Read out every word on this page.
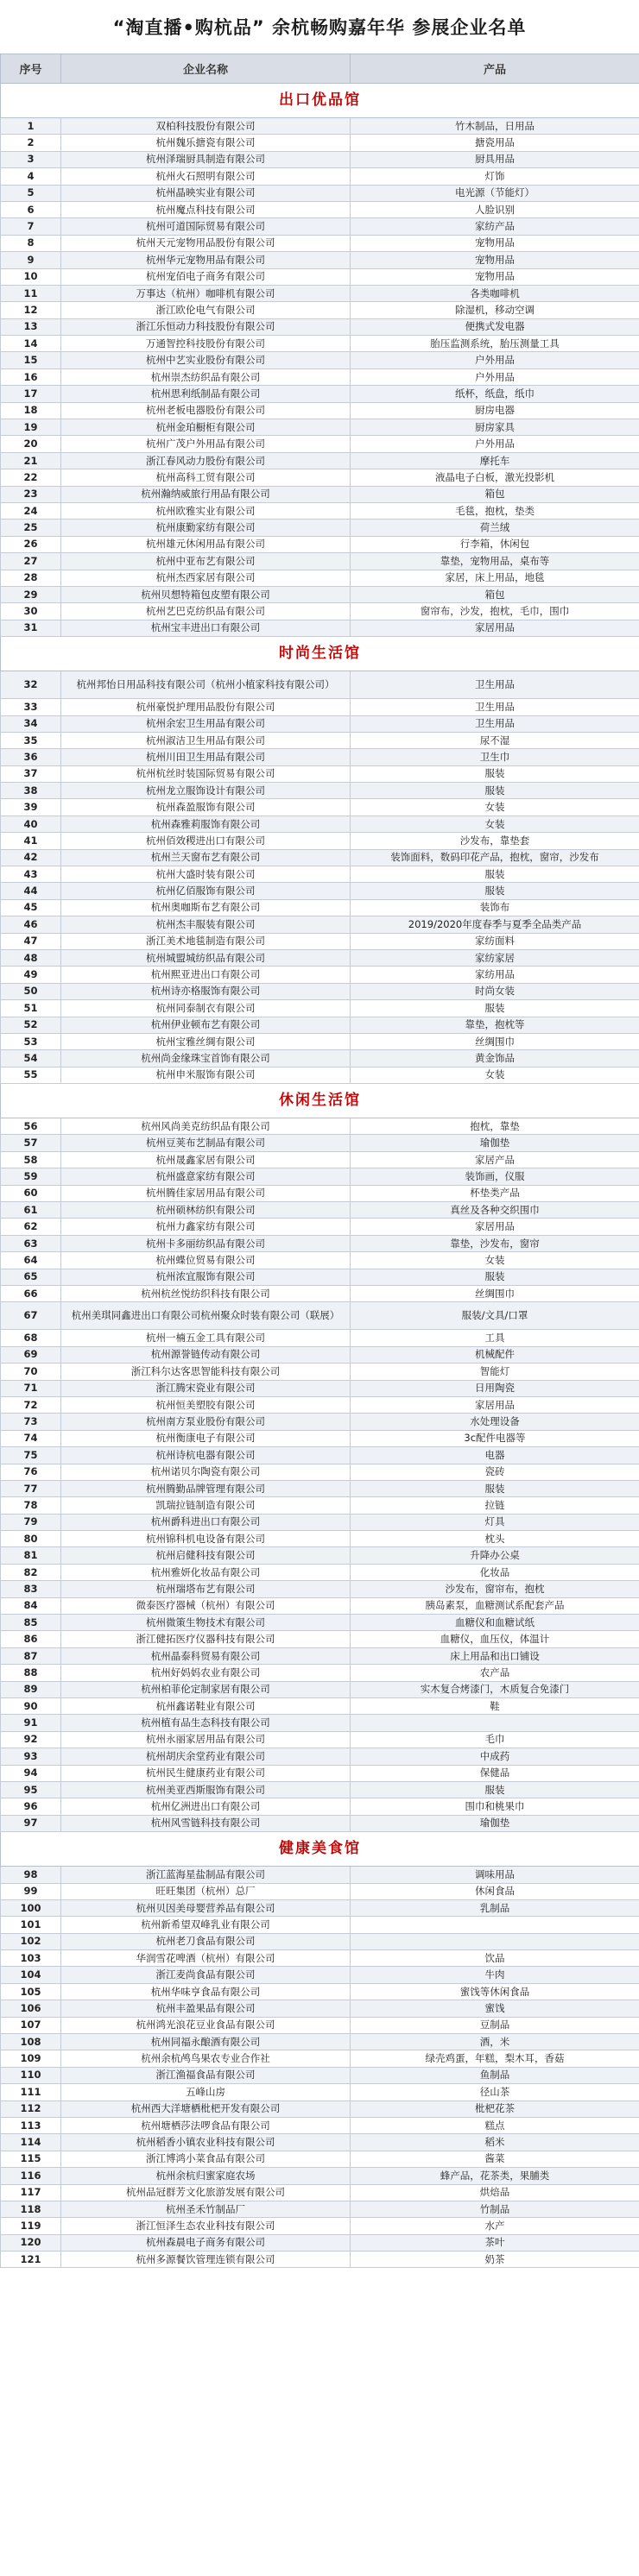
“淘直播•购杭品” 余杭畅购嘉年华 参展企业名单
序号	企业名称	产品
出口优品馆		
1	双柏科技股份有限公司	竹木制品，日用品
2	杭州魏乐搪瓷有限公司	搪瓷用品
3	杭州泽瑞厨具制造有限公司	厨具用品
4	杭州火石照明有限公司	灯饰
5	杭州晶映实业有限公司	电光源（节能灯）
6	杭州魔点科技有限公司	人脸识别
7	杭州可道国际贸易有限公司	家纺产品
8	杭州天元宠物用品股份有限公司	宠物用品
9	杭州华元宠物用品有限公司	宠物用品
10	杭州宠佰电子商务有限公司	宠物用品
11	万事达（杭州）咖啡机有限公司	各类咖啡机
12	浙江欧伦电气有限公司	除湿机，移动空调
13	浙江乐恒动力科技股份有限公司	便携式发电器
14	万通智控科技股份有限公司	胎压监测系统，胎压测量工具
15	杭州中艺实业股份有限公司	户外用品
16	杭州崇杰纺织品有限公司	户外用品
17	杭州思利纸制品有限公司	纸杯，纸盘，纸巾
18	杭州老板电器股份有限公司	厨房电器
19	杭州金珀橱柜有限公司	厨房家具
20	杭州广茂户外用品有限公司	户外用品
21	浙江春风动力股份有限公司	摩托车
22	杭州高科工贸有限公司	液晶电子白板，激光投影机
23	杭州瀚纳威旅行用品有限公司	箱包
24	杭州欧雅实业有限公司	毛毯，抱枕，垫类
25	杭州康勤家纺有限公司	荷兰绒
26	杭州雄元休闲用品有限公司	行李箱，休闲包
27	杭州中亚布艺有限公司	靠垫，宠物用品，桌布等
28	杭州杰西家居有限公司	家居，床上用品，地毯
29	杭州贝想特箱包皮塑有限公司	箱包
30	杭州艺巴克纺织品有限公司	窗帘布，沙发，抱枕，毛巾，围巾
31	杭州宝丰进出口有限公司	家居用品
时尚生活馆		
32	杭州邦怡日用品科技有限公司（杭州小植家科技有限公司）	卫生用品
33	杭州豪悦护理用品股份有限公司	卫生用品
34	杭州余宏卫生用品有限公司	卫生用品
35	杭州淑洁卫生用品有限公司	尿不湿
36	杭州川田卫生用品有限公司	卫生巾
37	杭州杭丝时装国际贸易有限公司	服装
38	杭州龙立服饰设计有限公司	服装
39	杭州森盈服饰有限公司	女装
40	杭州森雅莉服饰有限公司	女装
41	杭州佰效稷进出口有限公司	沙发布，靠垫套
42	杭州兰天窗布艺有限公司	装饰面料，数码印花产品，抱枕，窗帘，沙发布
43	杭州大盛时装有限公司	服装
44	杭州亿佰服饰有限公司	服装
45	杭州奥咖斯布艺有限公司	装饰布
46	杭州杰丰服装有限公司	2019/2020年度春季与夏季全品类产品
47	浙江美术地毯制造有限公司	家纺面料
48	杭州城盟城纺织品有限公司	家纺家居
49	杭州熙亚进出口有限公司	家纺用品
50	杭州诗亦格服饰有限公司	时尚女装
51	杭州同泰制衣有限公司	服装
52	杭州伊业顿布艺有限公司	靠垫，抱枕等
53	杭州宝雅丝绸有限公司	丝绸围巾
54	杭州尚金缘珠宝首饰有限公司	黄金饰品
55	杭州申米服饰有限公司	女装
休闲生活馆		
56	杭州风尚美克纺织品有限公司	抱枕，靠垫
57	杭州豆荚布艺制品有限公司	瑜伽垫
58	杭州晟鑫家居有限公司	家居产品
59	杭州盛意家纺有限公司	装饰画，仪服
60	杭州腾佳家居用品有限公司	杯垫类产品
61	杭州硕林纺织有限公司	真丝及各种交织围巾
62	杭州力鑫家纺有限公司	家居用品
63	杭州卡多丽纺织品有限公司	靠垫，沙发布，窗帘
64	杭州蝶位贸易有限公司	女装
65	杭州浓宜服饰有限公司	服装
66	杭州杭丝悦纺织科技有限公司	丝绸围巾
67	杭州美琪同鑫进出口有限公司杭州聚众时装有限公司（联展）	服装/文具/口罩
68	杭州一楠五金工具有限公司	工具
69	杭州源誉链传动有限公司	机械配件
70	浙江科尔达客思智能科技有限公司	智能灯
71	浙江腾宋瓷业有限公司	日用陶瓷
72	杭州恒美塑胶有限公司	家居用品
73	杭州南方泵业股份有限公司	水处理设备
74	杭州衡康电子有限公司	3c配件电器等
75	杭州诗杭电器有限公司	电器
76	杭州诺贝尔陶瓷有限公司	瓷砖
77	杭州腾勤品牌管理有限公司	服装
78	凯瑞拉链制造有限公司	拉链
79	杭州爵科进出口有限公司	灯具
80	杭州锦科机电设备有限公司	枕头
81	杭州启健科技有限公司	升降办公桌
82	杭州雅妍化妆品有限公司	化妆品
83	杭州瑞塔布艺有限公司	沙发布，窗帘布，抱枕
84	微泰医疗器械（杭州）有限公司	胰岛素泵，血糖测试系配套产品
85	杭州微策生物技术有限公司	血糖仪和血糖试纸
86	浙江健拓医疗仪器科技有限公司	血糖仪，血压仪，体温计
87	杭州晶泰科贸易有限公司	床上用品和出口铺设
88	杭州好妈妈农业有限公司	农产品
89	杭州柏菲伦定制家居有限公司	实木复合烤漆门，木质复合免漆门
90	杭州鑫诺鞋业有限公司	鞋
91	杭州植有品生态科技有限公司	
92	杭州永丽家居用品有限公司	毛巾
93	杭州胡庆余堂药业有限公司	中成药
94	杭州民生健康药业有限公司	保健品
95	杭州美亚西斯服饰有限公司	服装
96	杭州亿洲进出口有限公司	围巾和桃果巾
97	杭州风雪链科技有限公司	瑜伽垫
健康美食馆		
98	浙江蓝海星盐制品有限公司	调味用品
99	旺旺集团（杭州）总厂	休闲食品
100	杭州贝因美母婴营养品有限公司	乳制品
101	杭州新希望双峰乳业有限公司	
102	杭州老刀食品有限公司	
103	华润雪花啤酒（杭州）有限公司	饮品
104	浙江麦尚食品有限公司	牛肉
105	杭州华味亨食品有限公司	蜜饯等休闲食品
106	杭州丰盈果品有限公司	蜜饯
107	杭州鸿光浪花豆业食品有限公司	豆制品
108	杭州同福永酿酒有限公司	酒，米
109	杭州余杭鸬鸟果农专业合作社	绿壳鸡蛋，年糕，梨木耳，香菇
110	浙江渔福食品有限公司	鱼制品
111	五峰山房	径山茶
112	杭州西大洋塘栖枇杷开发有限公司	枇杷花茶
113	杭州塘栖莎法啰食品有限公司	糕点
114	杭州稻香小镇农业科技有限公司	稻米
115	浙江博鸿小菜食品有限公司	酱菜
116	杭州余杭归蜜家庭农场	蜂产品，花茶类，果脯类
117	杭州品冠群芳文化旅游发展有限公司	烘焙品
118	杭州圣禾竹制品厂	竹制品
119	浙江恒泽生态农业科技有限公司	水产
120	杭州森晨电子商务有限公司	茶叶
121	杭州多源餐饮管理连锁有限公司	奶茶
